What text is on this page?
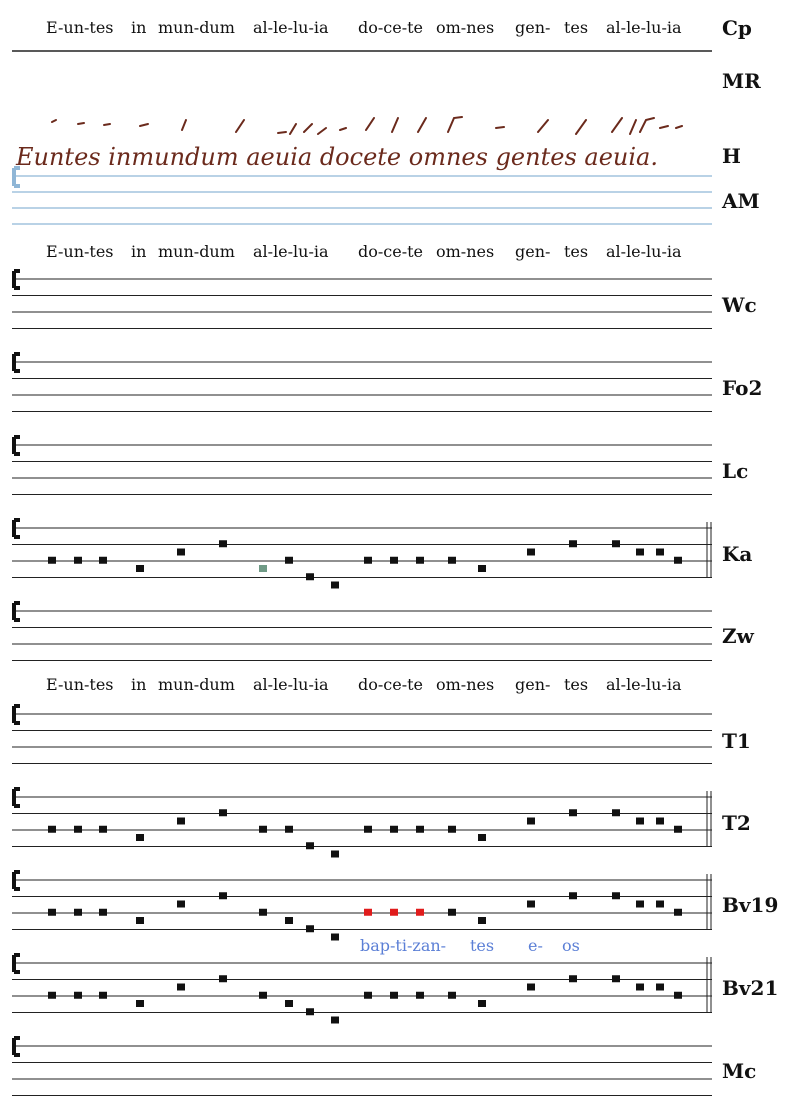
E-un-tes in mun-dum al-le-lu-ia do-ce-te om-nes gen- tes al-le-lu-ia Cp
MR
Euntes inmundum aeuia docete omnes gentes aeuia.	H
AM
E-un-tes in mun-dum al-le-lu-ia do-ce-te om-nes gen- tes al-le-lu-ia
Wc
Fo2
Lc
Ka
Zw
E-un-tes in mun-dum al-le-lu-ia do-ce-te om-nes gen- tes al-le-lu-ia
T1
T2
Bv19
Bv21
Mc
bap-ti-zan- tes e- os
